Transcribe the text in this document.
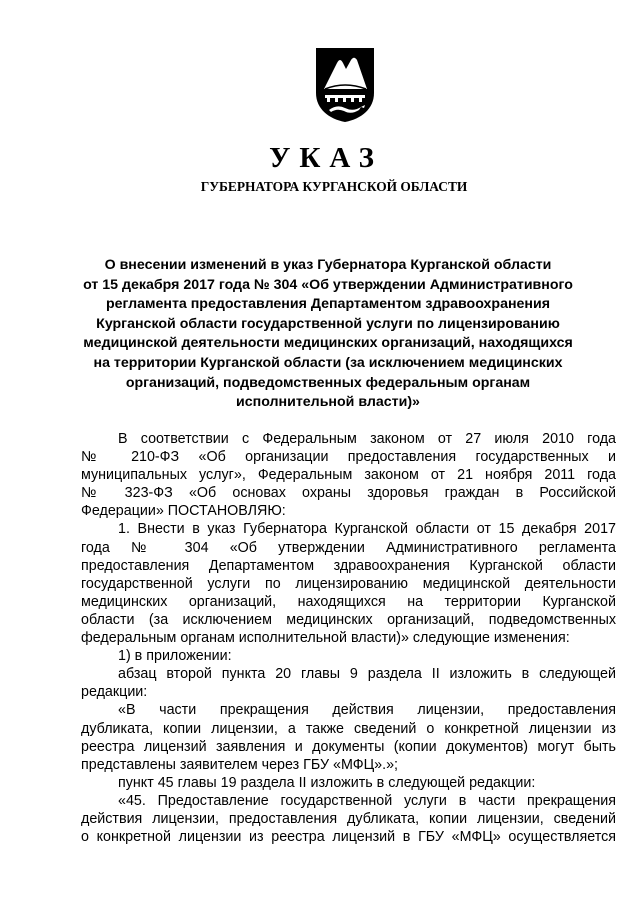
УКАЗ
ГУБЕРНАТОРА КУРГАНСКОЙ ОБЛАСТИ
О внесении изменений в указ Губернатора Курганской области
от 15 декабря 2017 года № 304 «Об утверждении Административного
регламента предоставления Департаментом здравоохранения
Курганской области государственной услуги по лицензированию
медицинской деятельности медицинских организаций, находящихся
на территории Курганской области (за исключением медицинских
организаций, подведомственных федеральным органам
исполнительной власти)»
В соответствии с Федеральным законом от 27 июля 2010 года
№ 210-ФЗ «Об организации предоставления государственных и
муниципальных услуг», Федеральным законом от 21 ноября 2011 года
№ 323-ФЗ «Об основах охраны здоровья граждан в Российской
Федерации» ПОСТАНОВЛЯЮ:
1. Внести в указ Губернатора Курганской области от 15 декабря 2017
года № 304 «Об утверждении Административного регламента
предоставления Департаментом здравоохранения Курганской области
государственной услуги по лицензированию медицинской деятельности
медицинских организаций, находящихся на территории Курганской
области (за исключением медицинских организаций, подведомственных
федеральным органам исполнительной власти)» следующие изменения:
1) в приложении:
абзац второй пункта 20 главы 9 раздела II изложить в следующей
редакции:
«В части прекращения действия лицензии, предоставления
дубликата, копии лицензии, а также сведений о конкретной лицензии из
реестра лицензий заявления и документы (копии документов) могут быть
представлены заявителем через ГБУ «МФЦ».»;
пункт 45 главы 19 раздела II изложить в следующей редакции:
«45. Предоставление государственной услуги в части прекращения
действия лицензии, предоставления дубликата, копии лицензии, сведений
о конкретной лицензии из реестра лицензий в ГБУ «МФЦ» осуществляется
